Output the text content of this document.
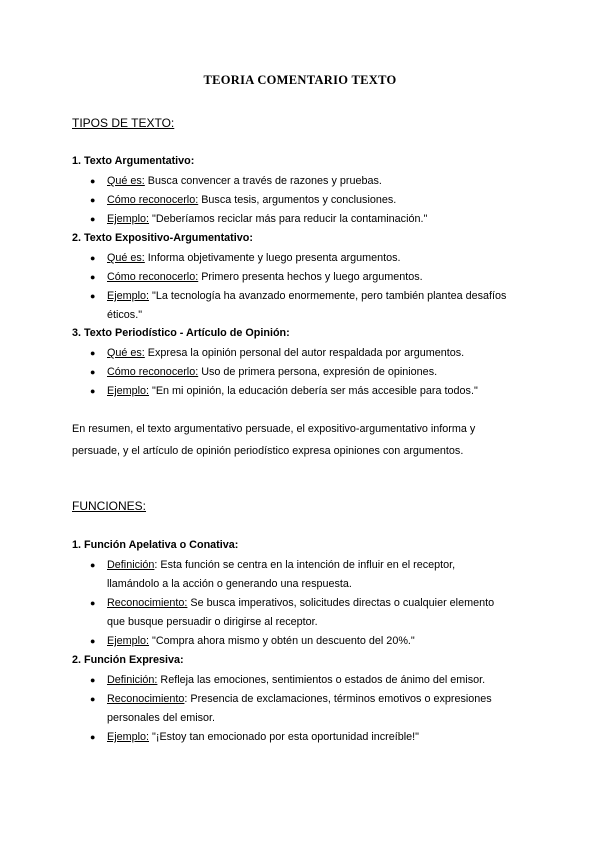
TEORIA COMENTARIO TEXTO
TIPOS DE TEXTO:
1. Texto Argumentativo:
● Qué es: Busca convencer a través de razones y pruebas.
● Cómo reconocerlo: Busca tesis, argumentos y conclusiones.
● Ejemplo: "Deberíamos reciclar más para reducir la contaminación."
2. Texto Expositivo-Argumentativo:
● Qué es: Informa objetivamente y luego presenta argumentos.
● Cómo reconocerlo: Primero presenta hechos y luego argumentos.
● Ejemplo: "La tecnología ha avanzado enormemente, pero también plantea desafíos éticos."
3. Texto Periodístico - Artículo de Opinión:
● Qué es: Expresa la opinión personal del autor respaldada por argumentos.
● Cómo reconocerlo: Uso de primera persona, expresión de opiniones.
● Ejemplo: "En mi opinión, la educación debería ser más accesible para todos."
En resumen, el texto argumentativo persuade, el expositivo-argumentativo informa y persuade, y el artículo de opinión periodístico expresa opiniones con argumentos.
FUNCIONES:
1. Función Apelativa o Conativa:
● Definición: Esta función se centra en la intención de influir en el receptor, llamándolo a la acción o generando una respuesta.
● Reconocimiento: Se busca imperativos, solicitudes directas o cualquier elemento que busque persuadir o dirigirse al receptor.
● Ejemplo: "Compra ahora mismo y obtén un descuento del 20%."
2. Función Expresiva:
● Definición: Refleja las emociones, sentimientos o estados de ánimo del emisor.
● Reconocimiento: Presencia de exclamaciones, términos emotivos o expresiones personales del emisor.
● Ejemplo: "¡Estoy tan emocionado por esta oportunidad increíble!"
